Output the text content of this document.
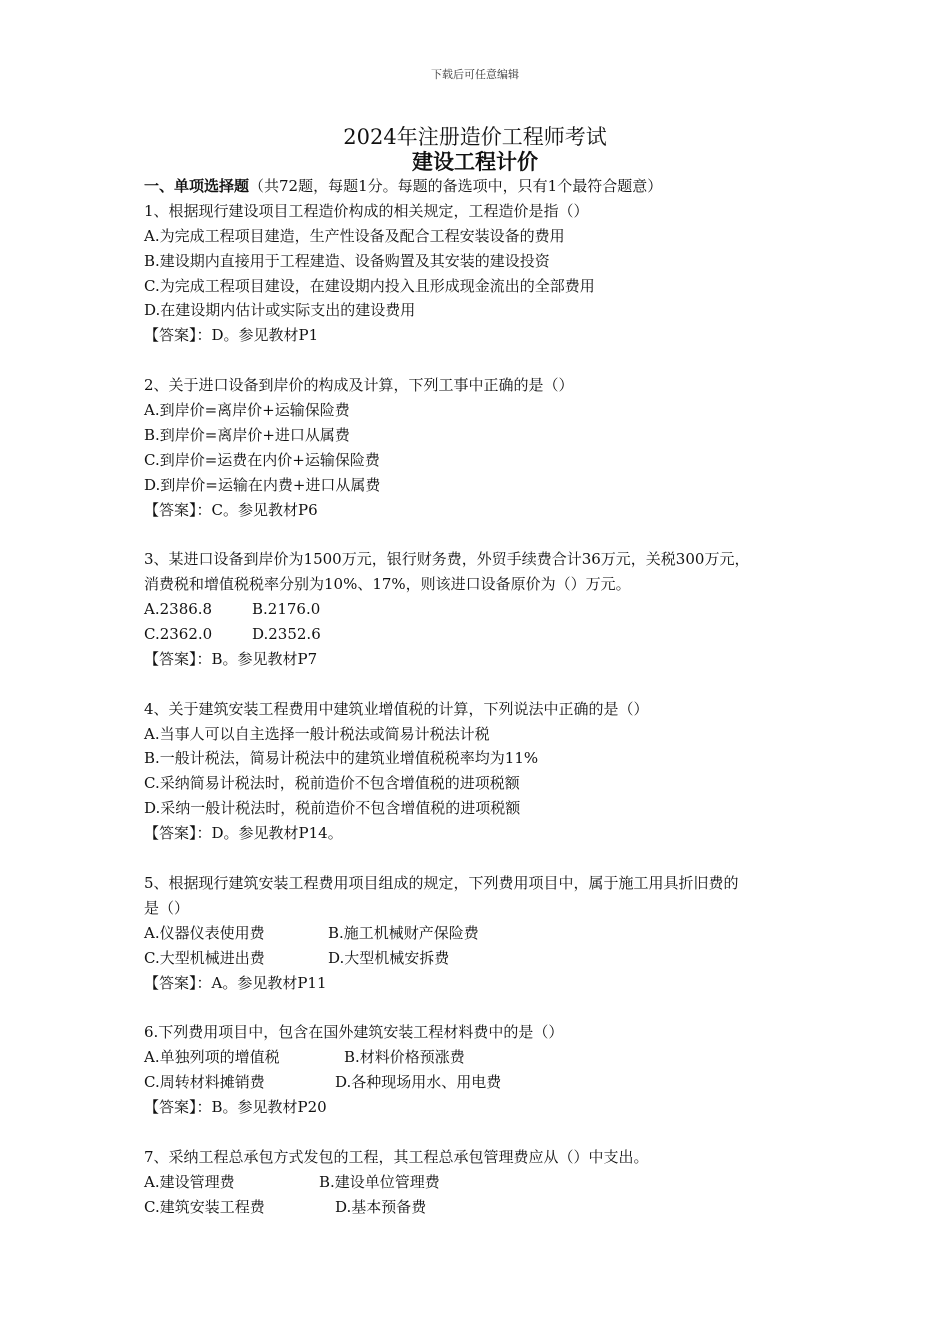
下载后可任意编辑
2024年注册造价工程师考试
建设工程计价
一、单项选择题（共72题，每题1分。每题的备选项中，只有1个最符合题意）
1、根据现行建设项目工程造价构成的相关规定，工程造价是指（）
A.为完成工程项目建造，生产性设备及配合工程安装设备的费用
B.建设期内直接用于工程建造、设备购置及其安装的建设投资
C.为完成工程项目建设，在建设期内投入且形成现金流出的全部费用
D.在建设期内估计或实际支出的建设费用
【答案】：D。参见教材P1
2、关于进口设备到岸价的构成及计算，下列工事中正确的是（）
A.到岸价=离岸价+运输保险费
B.到岸价=离岸价+进口从属费
C.到岸价=运费在内价+运输保险费
D.到岸价=运输在内费+进口从属费
【答案】：C。参见教材P6
3、某进口设备到岸价为1500万元，银行财务费，外贸手续费合计36万元，关税300万元，
消费税和增值税税率分别为10%、17%，则该进口设备原价为（）万元。
A.2386.8	B.2176.0
C.2362.0	D.2352.6
【答案】：B。参见教材P7
4、关于建筑安装工程费用中建筑业增值税的计算，下列说法中正确的是（）
A.当事人可以自主选择一般计税法或简易计税法计税
B.一般计税法，简易计税法中的建筑业增值税税率均为11%
C.采纳简易计税法时，税前造价不包含增值税的进项税额
D.采纳一般计税法时，税前造价不包含增值税的进项税额
【答案】：D。参见教材P14。
5、根据现行建筑安装工程费用项目组成的规定，下列费用项目中，属于施工用具折旧费的
是（）
A.仪器仪表使用费	B.施工机械财产保险费
C.大型机械进出费	D.大型机械安拆费
【答案】：A。参见教材P11
6.下列费用项目中，包含在国外建筑安装工程材料费中的是（）
A.单独列项的增值税	B.材料价格预涨费
C.周转材料摊销费	D.各种现场用水、用电费
【答案】：B。参见教材P20
7、采纳工程总承包方式发包的工程，其工程总承包管理费应从（）中支出。
A.建设管理费	B.建设单位管理费
C.建筑安装工程费	D.基本预备费
